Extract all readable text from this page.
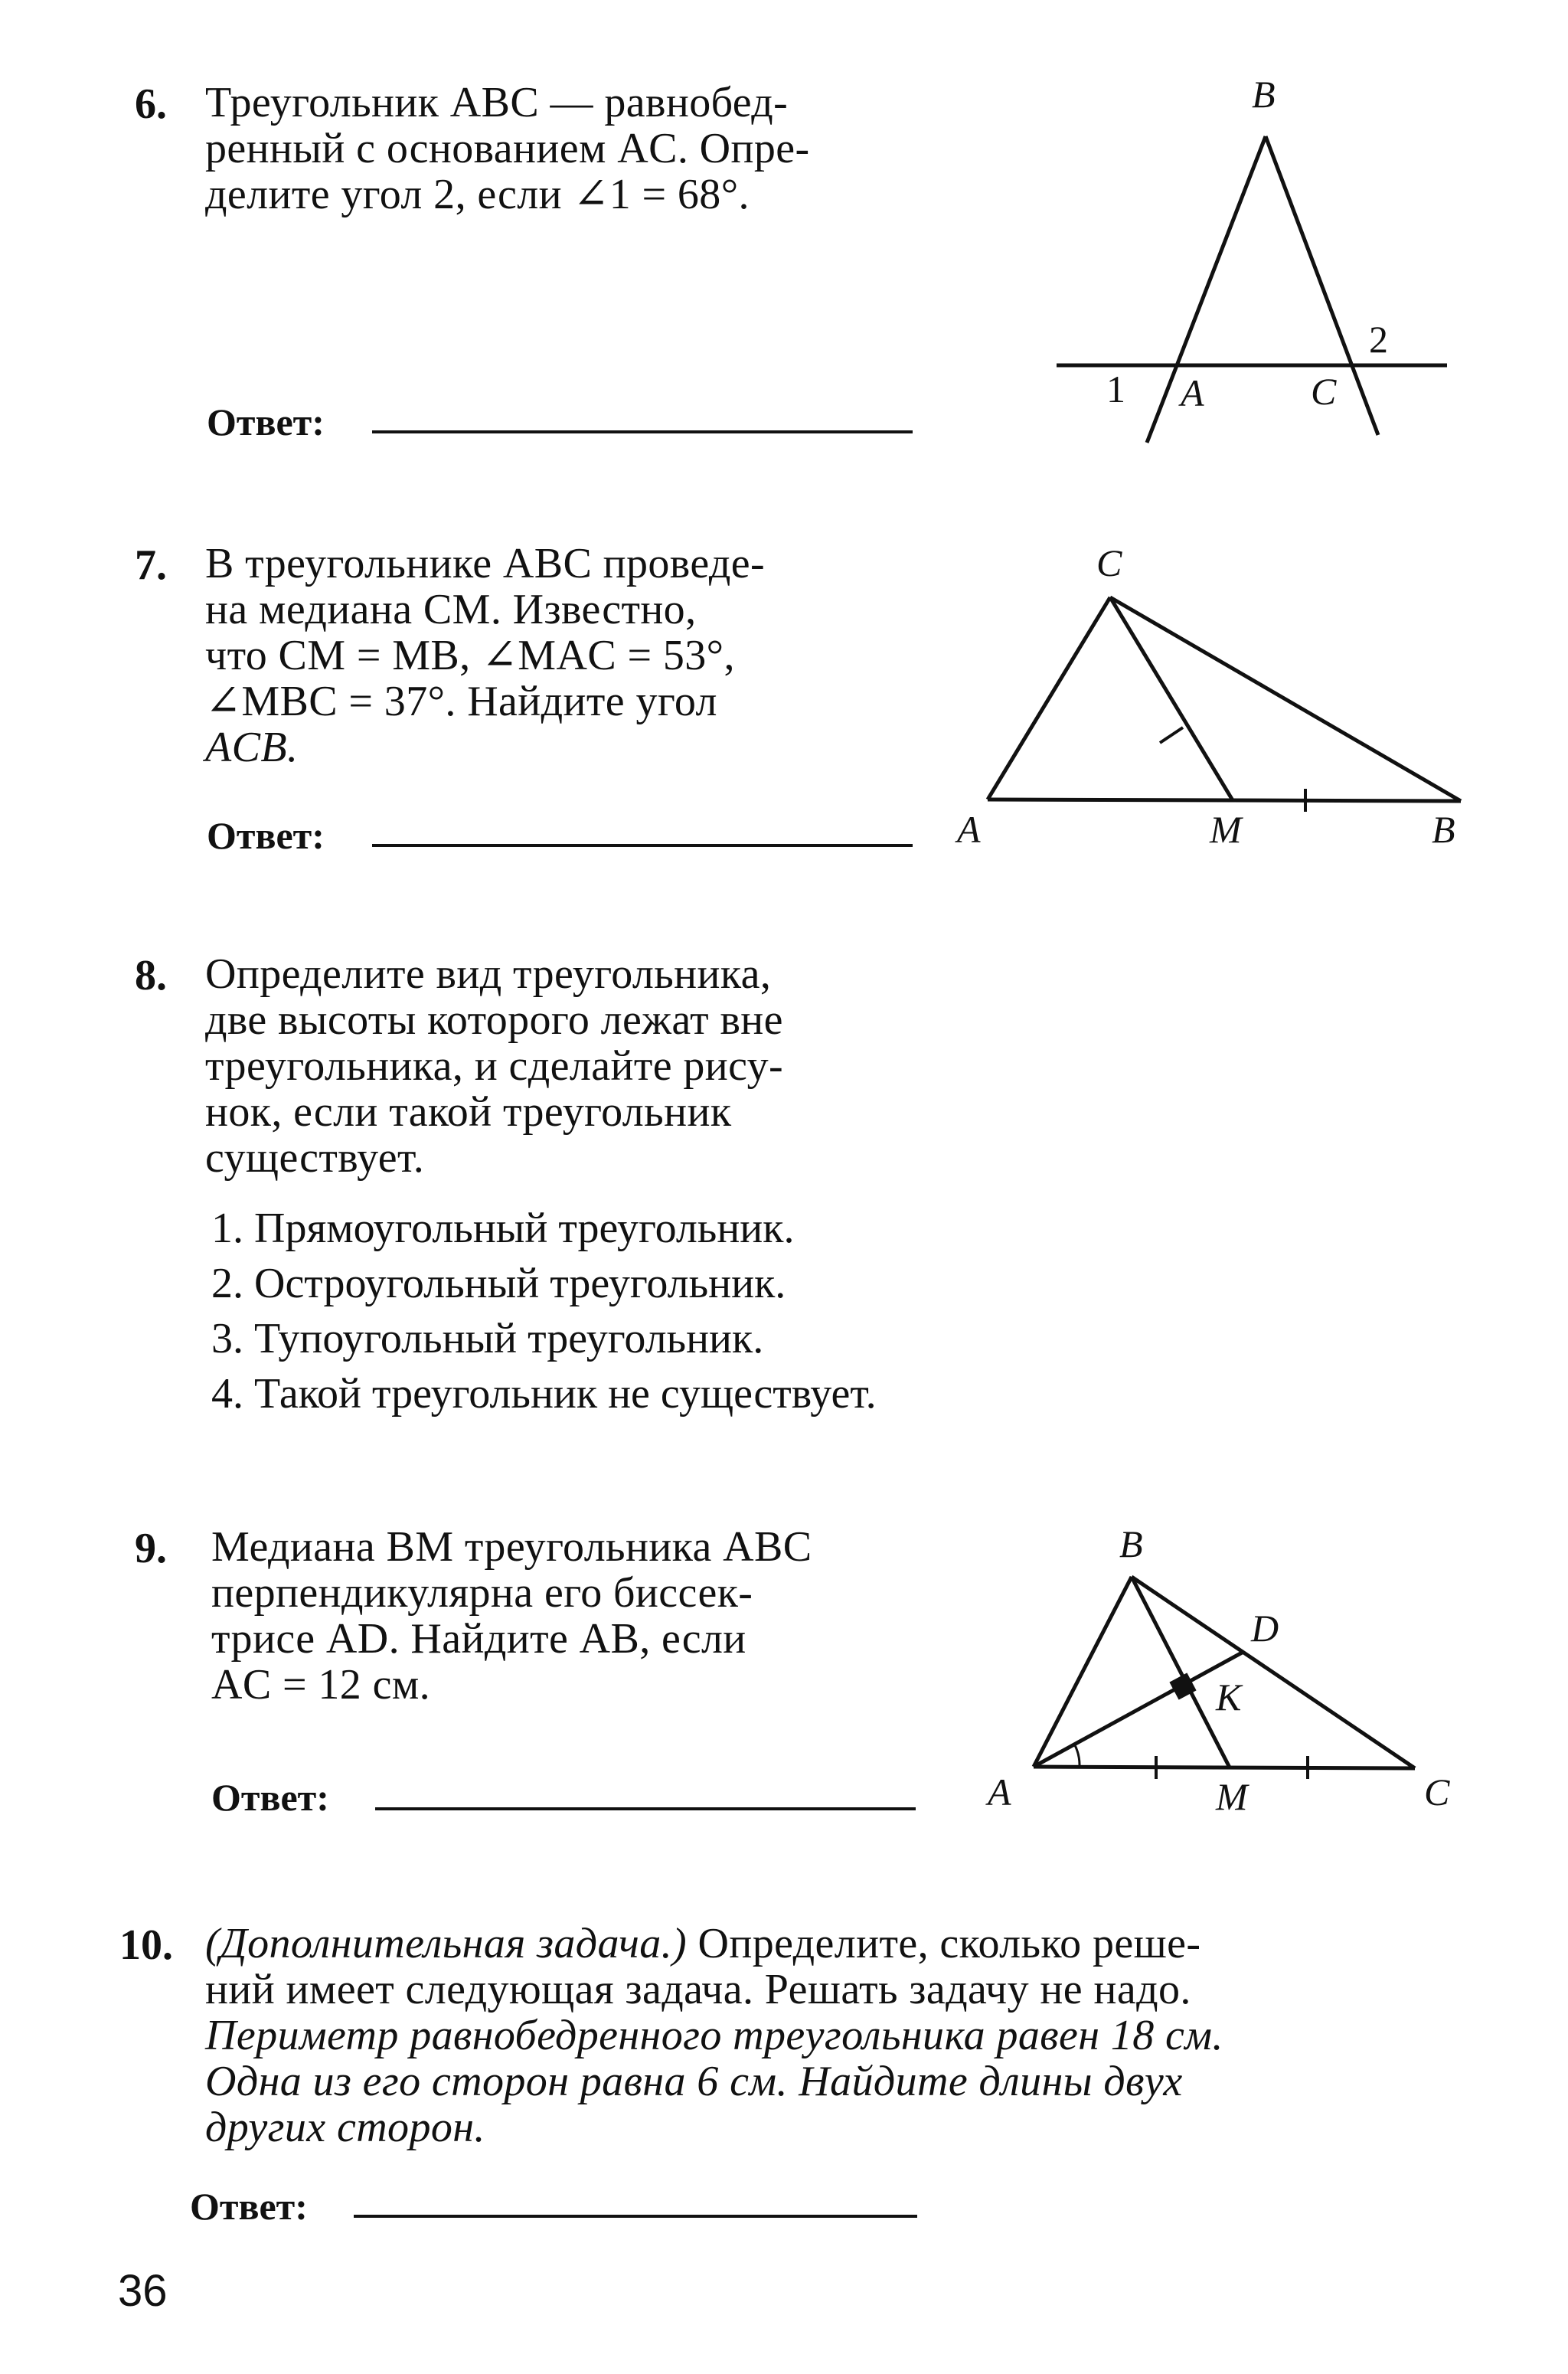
6. Треугольник ABC — равнобед-
ренный с основанием AC. Опре-
делите угол 2, если ∠1 = 68°.
Ответ:
B
1 A	C
2
7. В треугольнике ABC проведе-
на медиана CM. Известно,
что CM = MB, ∠MAC = 53°,
∠MBC = 37°. Найдите угол
ACB.
Ответ:
C
A	M	B
8. Определите вид треугольника,
две высоты которого лежат вне
треугольника, и сделайте рису-
нок, если такой треугольник
существует.
1. Прямоугольный треугольник.
2. Остроугольный треугольник.
3. Тупоугольный треугольник.
4. Такой треугольник не существует.
9. Медиана BM треугольника ABC
перпендикулярна его биссек-
трисе AD. Найдите AB, если
AC = 12 см.
Ответ:
B
D
K
A	M	C
10. (Дополнительная задача.) Определите, сколько реше-
ний имеет следующая задача. Решать задачу не надо.
Периметр равнобедренного треугольника равен 18 см.
Одна из его сторон равна 6 см. Найдите длины двух
других сторон.
Ответ:
36
